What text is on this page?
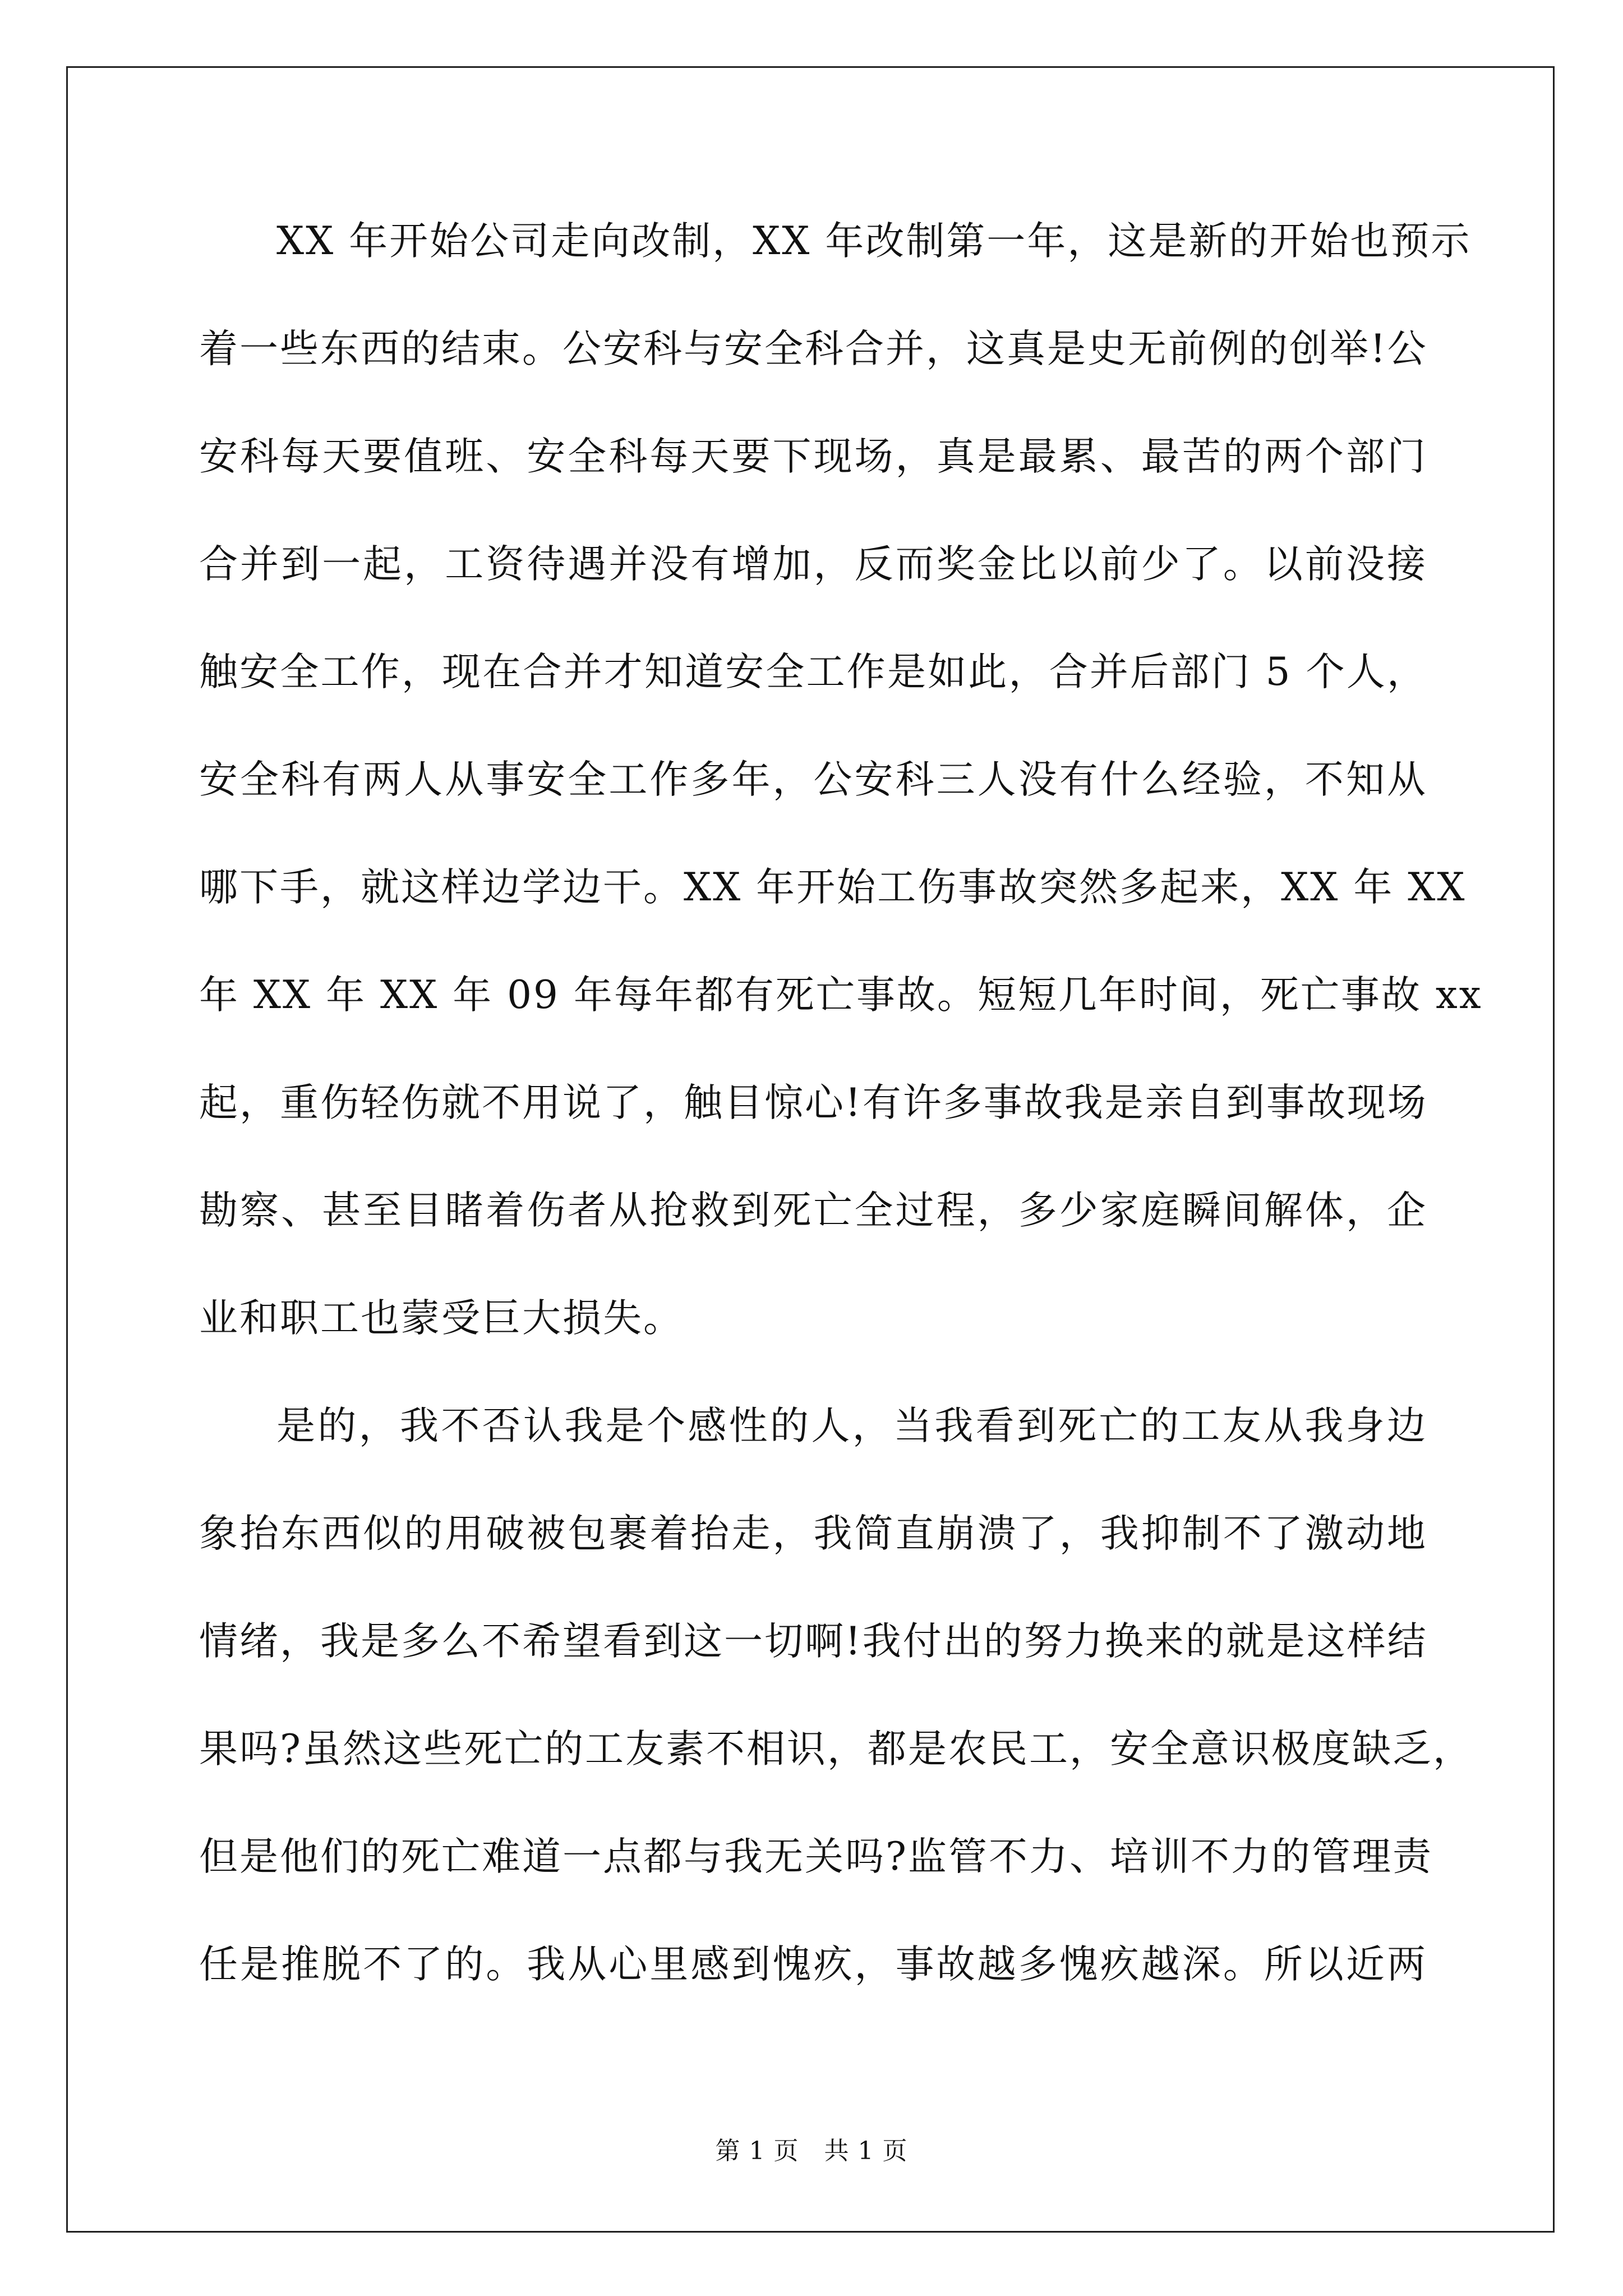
XX 年开始公司走向改制，XX 年改制第一年，这是新的开始也预示
着一些东西的结束。公安科与安全科合并，这真是史无前例的创举!公
安科每天要值班、安全科每天要下现场，真是最累、最苦的两个部门
合并到一起，工资待遇并没有增加，反而奖金比以前少了。以前没接
触安全工作，现在合并才知道安全工作是如此，合并后部门 5 个人，
安全科有两人从事安全工作多年，公安科三人没有什么经验，不知从
哪下手，就这样边学边干。XX 年开始工伤事故突然多起来，XX 年 XX
年 XX 年 XX 年 09 年每年都有死亡事故。短短几年时间，死亡事故 xx
起，重伤轻伤就不用说了，触目惊心!有许多事故我是亲自到事故现场
勘察、甚至目睹着伤者从抢救到死亡全过程，多少家庭瞬间解体，企
业和职工也蒙受巨大损失。
是的，我不否认我是个感性的人，当我看到死亡的工友从我身边
象抬东西似的用破被包裹着抬走，我简直崩溃了，我抑制不了激动地
情绪，我是多么不希望看到这一切啊!我付出的努力换来的就是这样结
果吗?虽然这些死亡的工友素不相识，都是农民工，安全意识极度缺乏，
但是他们的死亡难道一点都与我无关吗?监管不力、培训不力的管理责
任是推脱不了的。我从心里感到愧疚，事故越多愧疚越深。所以近两
第 1 页　共 1 页
